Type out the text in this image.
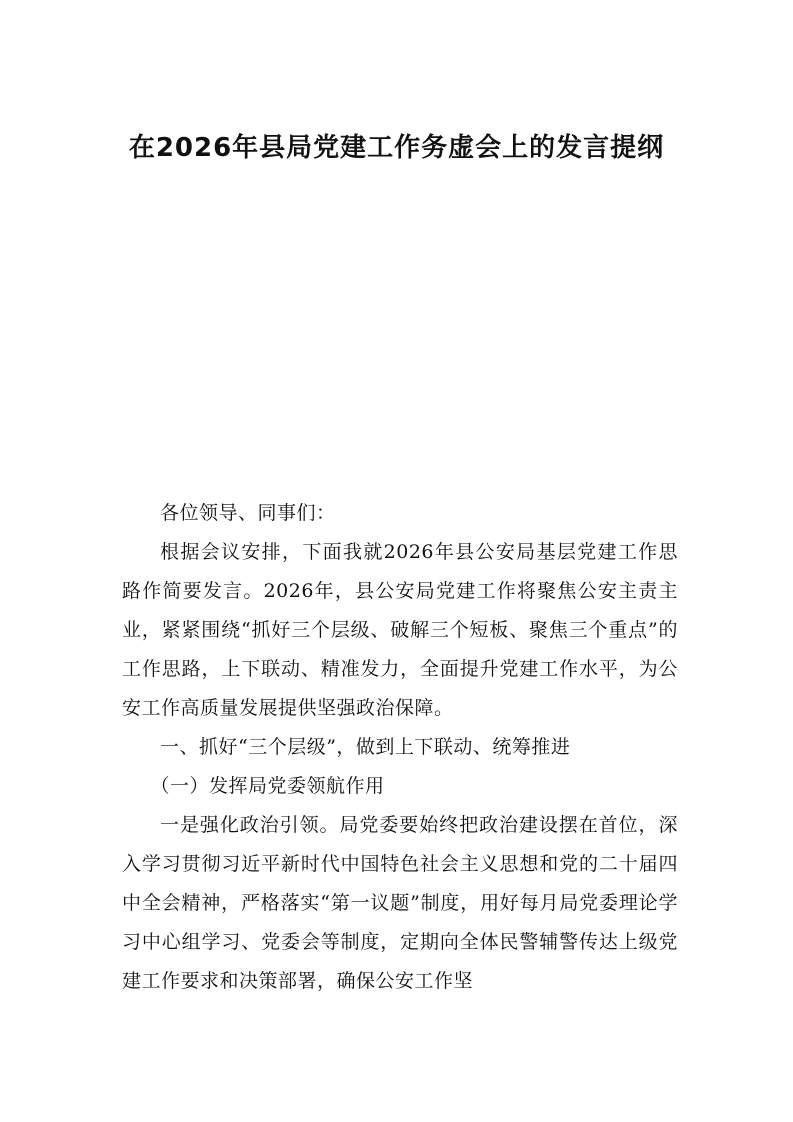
在2026年县局党建工作务虚会上的发言提纲

各位领导、同事们：

根据会议安排，下面我就2026年县公安局基层党建工作思路作简要发言。2026年，县公安局党建工作将聚焦公安主责主业，紧紧围绕“抓好三个层级、破解三个短板、聚焦三个重点”的工作思路，上下联动、精准发力，全面提升党建工作水平，为公安工作高质量发展提供坚强政治保障。

一、抓好“三个层级”，做到上下联动、统筹推进

（一）发挥局党委领航作用

一是强化政治引领。局党委要始终把政治建设摆在首位，深入学习贯彻习近平新时代中国特色社会主义思想和党的二十届四中全会精神，严格落实“第一议题”制度，用好每月局党委理论学习中心组学习、党委会等制度，定期向全体民警辅警传达上级党建工作要求和决策部署，确保公安工作坚
